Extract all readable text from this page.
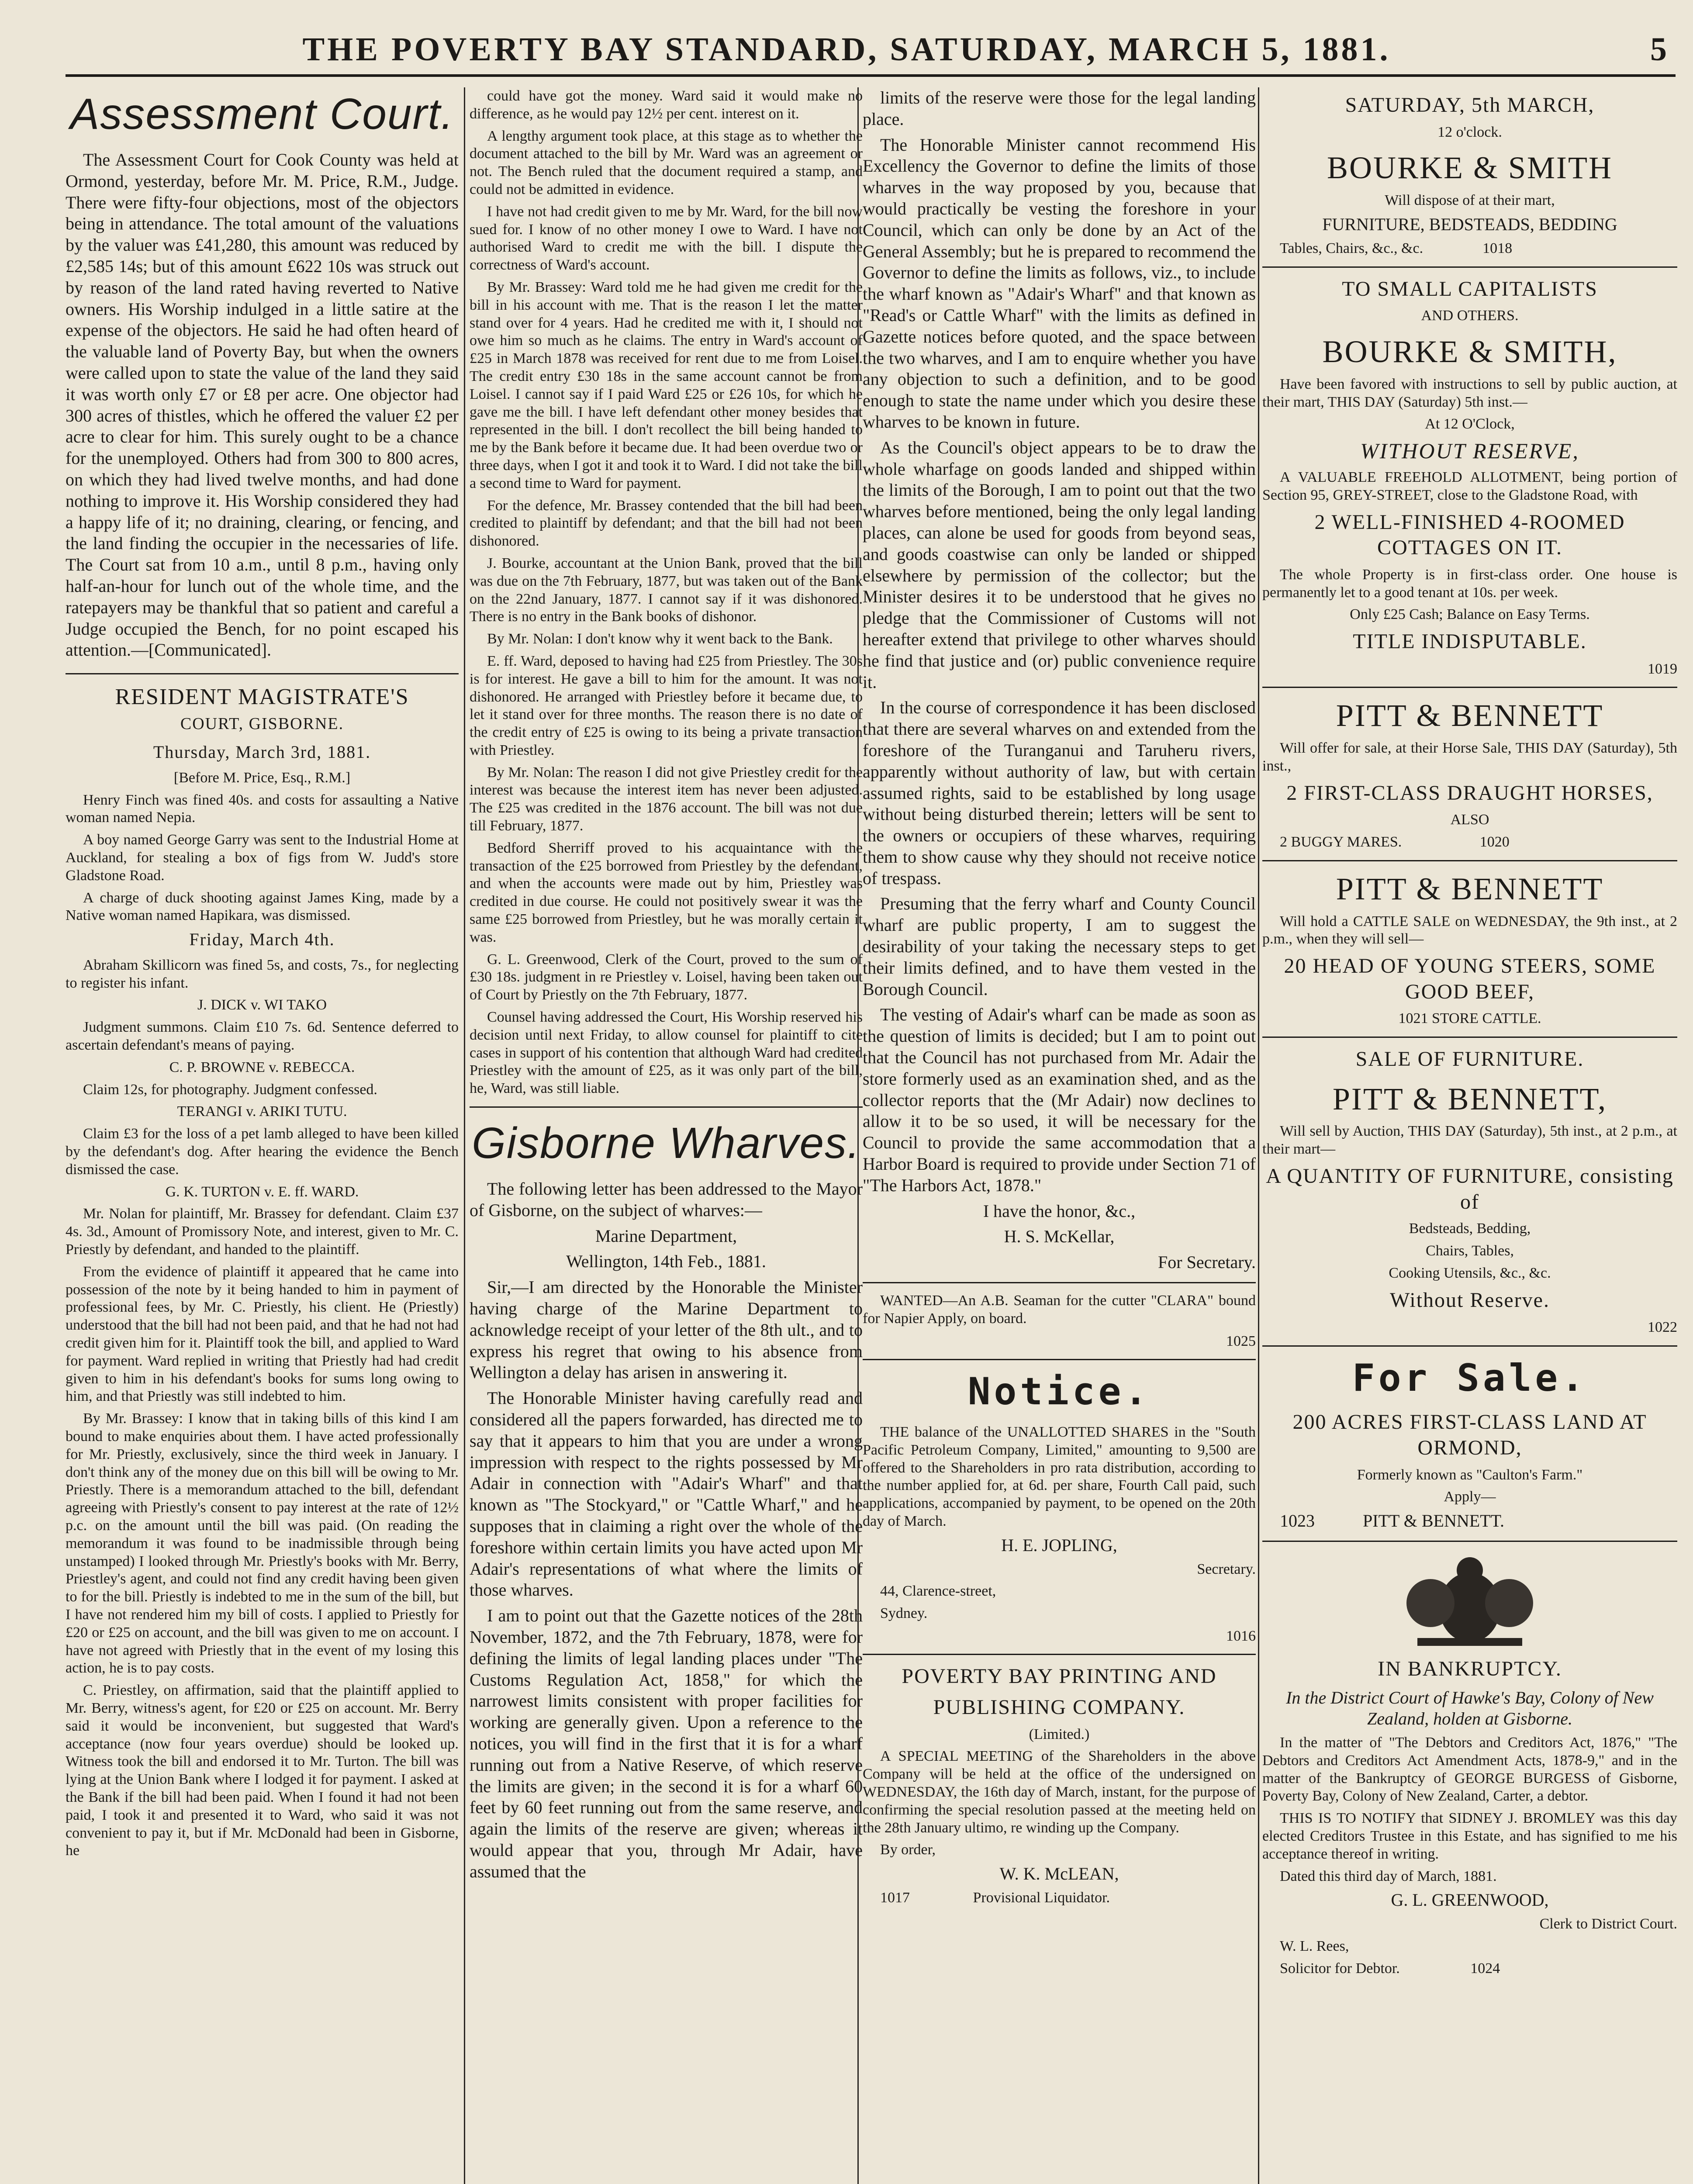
THE POVERTY BAY STANDARD, SATURDAY, MARCH 5, 1881.	5
Assessment Court.

The Assessment Court for Cook County was held at Ormond, yesterday, before Mr. M. Price, R.M., Judge. There were fifty-four objections, most of the objectors being in attendance. The total amount of the valuations by the valuer was £41,280, this amount was reduced by £2,585 14s; but of this amount £622 10s was struck out by reason of the land rated having reverted to Native owners. His Worship indulged in a little satire at the expense of the objectors. He said he had often heard of the valuable land of Poverty Bay, but when the owners were called upon to state the value of the land they said it was worth only £7 or £8 per acre. One objector had 300 acres of thistles, which he offered the valuer £2 per acre to clear for him. This surely ought to be a chance for the unemployed. Others had from 300 to 800 acres, on which they had lived twelve months, and had done nothing to improve it. His Worship considered they had a happy life of it; no draining, clearing, or fencing, and the land finding the occupier in the necessaries of life. The Court sat from 10 a.m., until 8 p.m., having only half-an-hour for lunch out of the whole time, and the ratepayers may be thankful that so patient and careful a Judge occupied the Bench, for no point escaped his attention.—[Communicated].

RESIDENT MAGISTRATE'S
COURT, GISBORNE.
Thursday, March 3rd, 1881.

[Before M. Price, Esq., R.M.]

Henry Finch was fined 40s. and costs for assaulting a Native woman named Nepia.

A boy named George Garry was sent to the Industrial Home at Auckland, for stealing a box of figs from W. Judd's store Gladstone Road.

A charge of duck shooting against James King, made by a Native woman named Hapikara, was dismissed.

Friday, March 4th.

Abraham Skillicorn was fined 5s, and costs, 7s., for neglecting to register his infant.

J. DICK v. WI TAKO

Judgment summons. Claim £10 7s. 6d. Sentence deferred to ascertain defendant's means of paying.

C. P. BROWNE v. REBECCA.

Claim 12s, for photography. Judgment confessed.

TERANGI v. ARIKI TUTU.

Claim £3 for the loss of a pet lamb alleged to have been killed by the defendant's dog. After hearing the evidence the Bench dismissed the case.

G. K. TURTON v. E. ff. WARD.

Mr. Nolan for plaintiff, Mr. Brassey for defendant. Claim £37 4s. 3d., Amount of Promissory Note, and interest, given to Mr. C. Priestly by defendant, and handed to the plaintiff.

From the evidence of plaintiff it appeared that he came into possession of the note by it being handed to him in payment of professional fees, by Mr. C. Priestly, his client. He (Priestly) understood that the bill had not been paid, and that he had not had credit given him for it. Plaintiff took the bill, and applied to Ward for payment. Ward replied in writing that Priestly had had credit given to him in his defendant's books for sums long owing to him, and that Priestly was still indebted to him.

By Mr. Brassey: I know that in taking bills of this kind I am bound to make enquiries about them. I have acted professionally for Mr. Priestly, exclusively, since the third week in January. I don't think any of the money due on this bill will be owing to Mr. Priestly. There is a memorandum attached to the bill, defendant agreeing with Priestly's consent to pay interest at the rate of 12½ p.c. on the amount until the bill was paid. (On reading the memorandum it was found to be inadmissible through being unstamped) I looked through Mr. Priestly's books with Mr. Berry, Priestley's agent, and could not find any credit having been given to for the bill. Priestly is indebted to me in the sum of the bill, but I have not rendered him my bill of costs. I applied to Priestly for £20 or £25 on account, and the bill was given to me on account. I have not agreed with Priestly that in the event of my losing this action, he is to pay costs.

C. Priestley, on affirmation, said that the plaintiff applied to Mr. Berry, witness's agent, for £20 or £25 on account. Mr. Berry said it would be inconvenient, but suggested that Ward's acceptance (now four years overdue) should be looked up. Witness took the bill and endorsed it to Mr. Turton. The bill was lying at the Union Bank where I lodged it for payment. I asked at the Bank if the bill had been paid. When I found it had not been paid, I took it and presented it to Ward, who said it was not convenient to pay it, but if Mr. McDonald had been in Gisborne, he

could have got the money. Ward said it would make no difference, as he would pay 12½ per cent. interest on it.

A lengthy argument took place, at this stage as to whether the document attached to the bill by Mr. Ward was an agreement or not. The Bench ruled that the document required a stamp, and could not be admitted in evidence.

I have not had credit given to me by Mr. Ward, for the bill now sued for. I know of no other money I owe to Ward. I have not authorised Ward to credit me with the bill. I dispute the correctness of Ward's account.

By Mr. Brassey: Ward told me he had given me credit for the bill in his account with me. That is the reason I let the matter stand over for 4 years. Had he credited me with it, I should not owe him so much as he claims. The entry in Ward's account of £25 in March 1878 was received for rent due to me from Loisel. The credit entry £30 18s in the same account cannot be from Loisel. I cannot say if I paid Ward £25 or £26 10s, for which he gave me the bill. I have left defendant other money besides that represented in the bill. I don't recollect the bill being handed to me by the Bank before it became due. It had been overdue two or three days, when I got it and took it to Ward. I did not take the bill a second time to Ward for payment.

For the defence, Mr. Brassey contended that the bill had been credited to plaintiff by defendant; and that the bill had not been dishonored.

J. Bourke, accountant at the Union Bank, proved that the bill was due on the 7th February, 1877, but was taken out of the Bank on the 22nd January, 1877. I cannot say if it was dishonored. There is no entry in the Bank books of dishonor.

By Mr. Nolan: I don't know why it went back to the Bank.

E. ff. Ward, deposed to having had £25 from Priestley. The 30s is for interest. He gave a bill to him for the amount. It was not dishonored. He arranged with Priestley before it became due, to let it stand over for three months. The reason there is no date of the credit entry of £25 is owing to its being a private transaction with Priestley.

By Mr. Nolan: The reason I did not give Priestley credit for the interest was because the interest item has never been adjusted. The £25 was credited in the 1876 account. The bill was not due till February, 1877.

Bedford Sherriff proved to his acquaintance with the transaction of the £25 borrowed from Priestley by the defendant, and when the accounts were made out by him, Priestley was credited in due course. He could not positively swear it was the same £25 borrowed from Priestley, but he was morally certain it was.

G. L. Greenwood, Clerk of the Court, proved to the sum of £30 18s. judgment in re Priestley v. Loisel, having been taken out of Court by Priestly on the 7th February, 1877.

Counsel having addressed the Court, His Worship reserved his decision until next Friday, to allow counsel for plaintiff to cite cases in support of his contention that although Ward had credited Priestley with the amount of £25, as it was only part of the bill, he, Ward, was still liable.

Gisborne Wharves.

The following letter has been addressed to the Mayor of Gisborne, on the subject of wharves:—

Marine Department,

Wellington, 14th Feb., 1881.

Sir,—I am directed by the Honorable the Minister having charge of the Marine Department to acknowledge receipt of your letter of the 8th ult., and to express his regret that owing to his absence from Wellington a delay has arisen in answering it.

The Honorable Minister having carefully read and considered all the papers forwarded, has directed me to say that it appears to him that you are under a wrong impression with respect to the rights possessed by Mr Adair in connection with "Adair's Wharf" and that known as "The Stockyard," or "Cattle Wharf," and he supposes that in claiming a right over the whole of the foreshore within certain limits you have acted upon Mr Adair's representations of what where the limits of those wharves.

I am to point out that the Gazette notices of the 28th November, 1872, and the 7th February, 1878, were for defining the limits of legal landing places under "The Customs Regulation Act, 1858," for which the narrowest limits consistent with proper facilities for working are generally given. Upon a reference to the notices, you will find in the first that it is for a wharf running out from a Native Reserve, of which reserve the limits are given; in the second it is for a wharf 60 feet by 60 feet running out from the same reserve, and again the limits of the reserve are given; whereas it would appear that you, through Mr Adair, have assumed that the

limits of the reserve were those for the legal landing place.

The Honorable Minister cannot recommend His Excellency the Governor to define the limits of those wharves in the way proposed by you, because that would practically be vesting the foreshore in your Council, which can only be done by an Act of the General Assembly; but he is prepared to recommend the Governor to define the limits as follows, viz., to include the wharf known as "Adair's Wharf" and that known as "Read's or Cattle Wharf" with the limits as defined in Gazette notices before quoted, and the space between the two wharves, and I am to enquire whether you have any objection to such a definition, and to be good enough to state the name under which you desire these wharves to be known in future.

As the Council's object appears to be to draw the whole wharfage on goods landed and shipped within the limits of the Borough, I am to point out that the two wharves before mentioned, being the only legal landing places, can alone be used for goods from beyond seas, and goods coastwise can only be landed or shipped elsewhere by permission of the collector; but the Minister desires it to be understood that he gives no pledge that the Commissioner of Customs will not hereafter extend that privilege to other wharves should he find that justice and (or) public convenience require it.

In the course of correspondence it has been disclosed that there are several wharves on and extended from the foreshore of the Turanganui and Taruheru rivers, apparently without authority of law, but with certain assumed rights, said to be established by long usage without being disturbed therein; letters will be sent to the owners or occupiers of these wharves, requiring them to show cause why they should not receive notice of trespass.

Presuming that the ferry wharf and County Council wharf are public property, I am to suggest the desirability of your taking the necessary steps to get their limits defined, and to have them vested in the Borough Council.

The vesting of Adair's wharf can be made as soon as the question of limits is decided; but I am to point out that the Council has not purchased from Mr. Adair the store formerly used as an examination shed, and as the collector reports that the (Mr Adair) now declines to allow it to be so used, it will be necessary for the Council to provide the same accommodation that a Harbor Board is required to provide under Section 71 of "The Harbors Act, 1878."

I have the honor, &c.,

H. S. McKellar,

For Secretary.

WANTED—An A.B. Seaman for the cutter "CLARA" bound for Napier Apply, on board.

1025
Notice.

THE balance of the UNALLOTTED SHARES in the "South Pacific Petroleum Company, Limited," amounting to 9,500 are offered to the Shareholders in pro rata distribution, according to the number applied for, at 6d. per share, Fourth Call paid, such applications, accompanied by payment, to be opened on the 20th day of March.

H. E. JOPLING,

Secretary.

44, Clarence-street,

Sydney.

1016
POVERTY BAY PRINTING AND
PUBLISHING COMPANY.

(Limited.)

A SPECIAL MEETING of the Shareholders in the above Company will be held at the office of the undersigned on WEDNESDAY, the 16th day of March, instant, for the purpose of confirming the special resolution passed at the meeting held on the 28th January ultimo, re winding up the Company.

By order,

W. K. McLEAN,

1017	Provisional Liquidator.

SATURDAY, 5th MARCH,

12 o'clock.

BOURKE & SMITH

Will dispose of at their mart,

FURNITURE, BEDSTEADS, BEDDING

Tables, Chairs, &c., &c.	1018

TO SMALL CAPITALISTS

AND OTHERS.

BOURKE & SMITH,

Have been favored with instructions to sell by public auction, at their mart, THIS DAY (Saturday) 5th inst.—

At 12 O'Clock,

WITHOUT RESERVE,

A VALUABLE FREEHOLD ALLOTMENT, being portion of Section 95, GREY-STREET, close to the Gladstone Road, with

2 WELL-FINISHED 4-ROOMED COTTAGES ON IT.

The whole Property is in first-class order. One house is permanently let to a good tenant at 10s. per week.

Only £25 Cash; Balance on Easy Terms.

TITLE INDISPUTABLE.
1019
PITT & BENNETT

Will offer for sale, at their Horse Sale, THIS DAY (Saturday), 5th inst.,

2 FIRST-CLASS DRAUGHT HORSES,

ALSO

2 BUGGY MARES.	1020

PITT & BENNETT

Will hold a CATTLE SALE on WEDNESDAY, the 9th inst., at 2 p.m., when they will sell—

20 HEAD OF YOUNG STEERS, SOME GOOD BEEF,

1021 STORE CATTLE.

SALE OF FURNITURE.
PITT & BENNETT,

Will sell by Auction, THIS DAY (Saturday), 5th inst., at 2 p.m., at their mart—

A QUANTITY OF FURNITURE, consisting of

Bedsteads, Bedding,

Chairs, Tables,

Cooking Utensils, &c., &c.

Without Reserve.
1022
For Sale.
200 ACRES FIRST-CLASS LAND AT ORMOND,

Formerly known as "Caulton's Farm."

Apply—

1023	PITT & BENNETT.

IN BANKRUPTCY.

In the District Court of Hawke's Bay, Colony of New Zealand, holden at Gisborne.

In the matter of "The Debtors and Creditors Act, 1876," "The Debtors and Creditors Act Amendment Acts, 1878-9," and in the matter of the Bankruptcy of GEORGE BURGESS of Gisborne, Poverty Bay, Colony of New Zealand, Carter, a debtor.

THIS IS TO NOTIFY that SIDNEY J. BROMLEY was this day elected Creditors Trustee in this Estate, and has signified to me his acceptance thereof in writing.

Dated this third day of March, 1881.

G. L. GREENWOOD,

Clerk to District Court.

W. L. Rees,

Solicitor for Debtor.	1024
